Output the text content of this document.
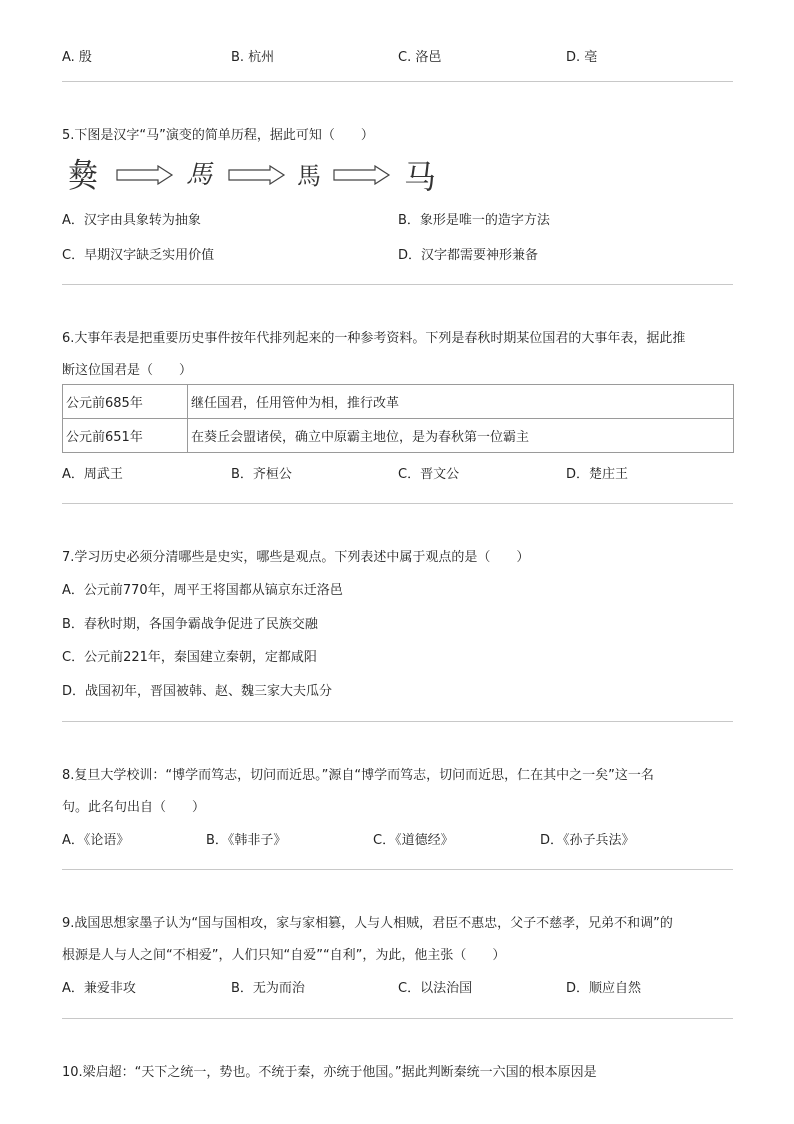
A. 殷	B. 杭州	C. 洛邑	D. 亳
5.下图是汉字“马”演变的简单历程，据此可知（　　）
𢑱	馬	馬	马
A．汉字由具象转为抽象	B．象形是唯一的造字方法
C．早期汉字缺乏实用价值	D．汉字都需要神形兼备
6.大事年表是把重要历史事件按年代排列起来的一种参考资料。下列是春秋时期某位国君的大事年表，据此推
断这位国君是（　　）
公元前685年	继任国君，任用管仲为相，推行改革
公元前651年	在葵丘会盟诸侯，确立中原霸主地位，是为春秋第一位霸主
A．周武王	B．齐桓公	C．晋文公	D．楚庄王
7.学习历史必须分清哪些是史实，哪些是观点。下列表述中属于观点的是（　　）
A．公元前770年，周平王将国都从镐京东迁洛邑
B．春秋时期，各国争霸战争促进了民族交融
C．公元前221年，秦国建立秦朝，定都咸阳
D．战国初年，晋国被韩、赵、魏三家大夫瓜分
8.复旦大学校训：“博学而笃志，切问而近思。”源自“博学而笃志，切问而近思，仁在其中之一矣”这一名
句。此名句出自（　　）
A．《论语》	B．《韩非子》	C．《道德经》	D．《孙子兵法》
9.战国思想家墨子认为“国与国相攻，家与家相篡，人与人相贼，君臣不惠忠，父子不慈孝，兄弟不和调”的
根源是人与人之间“不相爱”，人们只知“自爱”“自利”，为此，他主张（　　）
A．兼爱非攻	B．无为而治	C．以法治国	D．顺应自然
10.梁启超：“天下之统一，势也。不统于秦，亦统于他国。”据此判断秦统一六国的根本原因是
